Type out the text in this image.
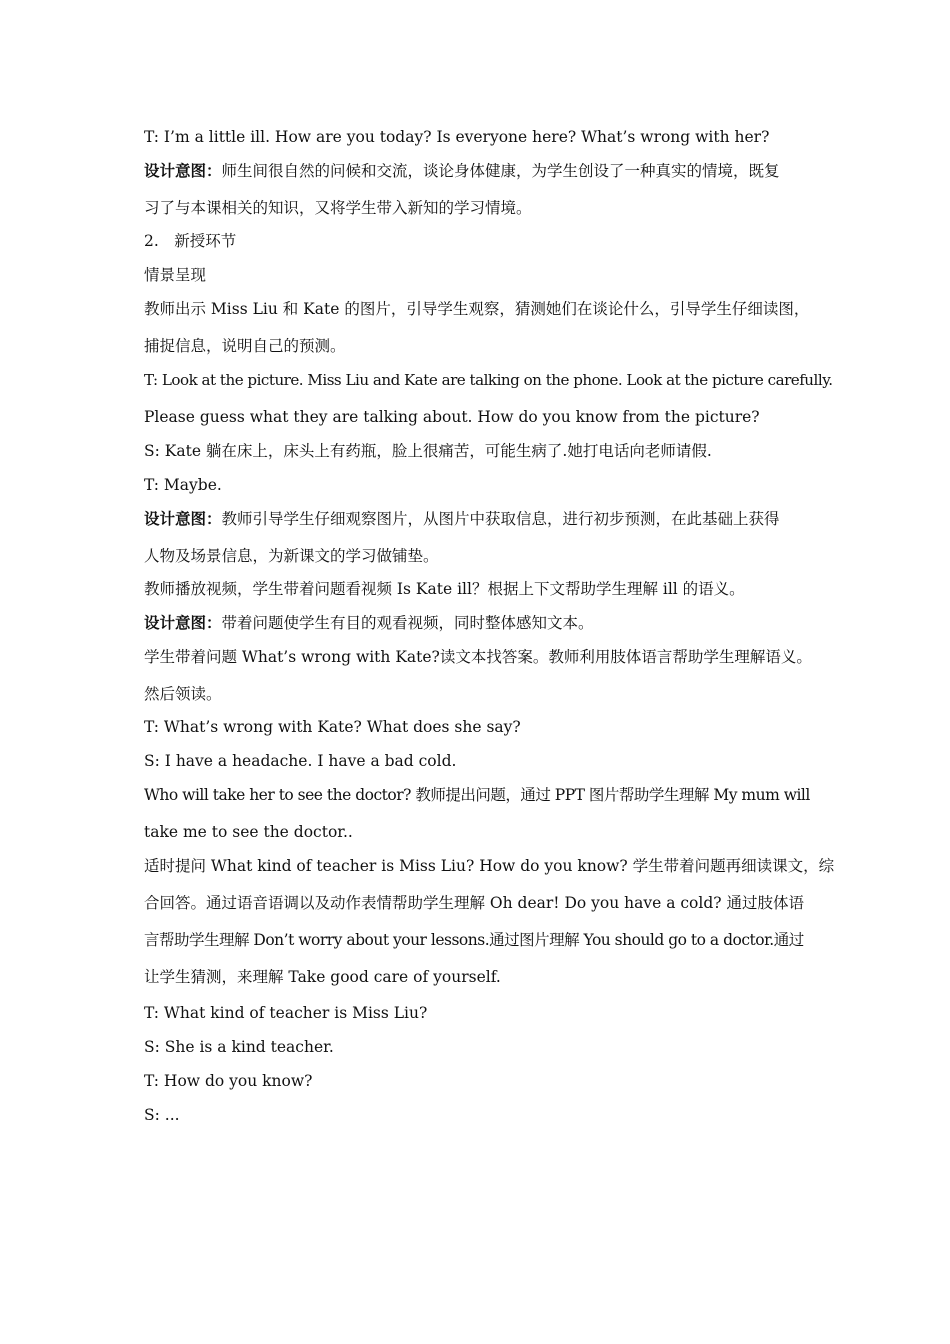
T: I’m a little ill. How are you today? Is everyone here? What’s wrong with her?
设计意图：师生间很自然的问候和交流，谈论身体健康，为学生创设了一种真实的情境，既复
习了与本课相关的知识，又将学生带入新知的学习情境。
2.　新授环节
情景呈现
教师出示 Miss Liu 和 Kate 的图片，引导学生观察，猜测她们在谈论什么，引导学生仔细读图，
捕捉信息，说明自己的预测。
T: Look at the picture. Miss Liu and Kate are talking on the phone. Look at the picture carefully.
Please guess what they are talking about. How do you know from the picture?
S: Kate 躺在床上，床头上有药瓶，脸上很痛苦，可能生病了.她打电话向老师请假.
T: Maybe.
设计意图：教师引导学生仔细观察图片，从图片中获取信息，进行初步预测，在此基础上获得
人物及场景信息，为新课文的学习做铺垫。
教师播放视频，学生带着问题看视频 Is Kate ill？根据上下文帮助学生理解 ill 的语义。
设计意图：带着问题使学生有目的观看视频，同时整体感知文本。
学生带着问题 What’s wrong with Kate?读文本找答案。教师利用肢体语言帮助学生理解语义。
然后领读。
T: What’s wrong with Kate? What does she say?
S: I have a headache. I have a bad cold.
Who will take her to see the doctor? 教师提出问题，通过 PPT 图片帮助学生理解 My mum will
take me to see the doctor..
适时提问 What kind of teacher is Miss Liu? How do you know? 学生带着问题再细读课文，综
合回答。通过语音语调以及动作表情帮助学生理解 Oh dear! Do you have a cold? 通过肢体语
言帮助学生理解 Don’t worry about your lessons.通过图片理解 You should go to a doctor.通过
让学生猜测，来理解 Take good care of yourself.
T: What kind of teacher is Miss Liu?
S: She is a kind teacher.
T: How do you know?
S: ...
